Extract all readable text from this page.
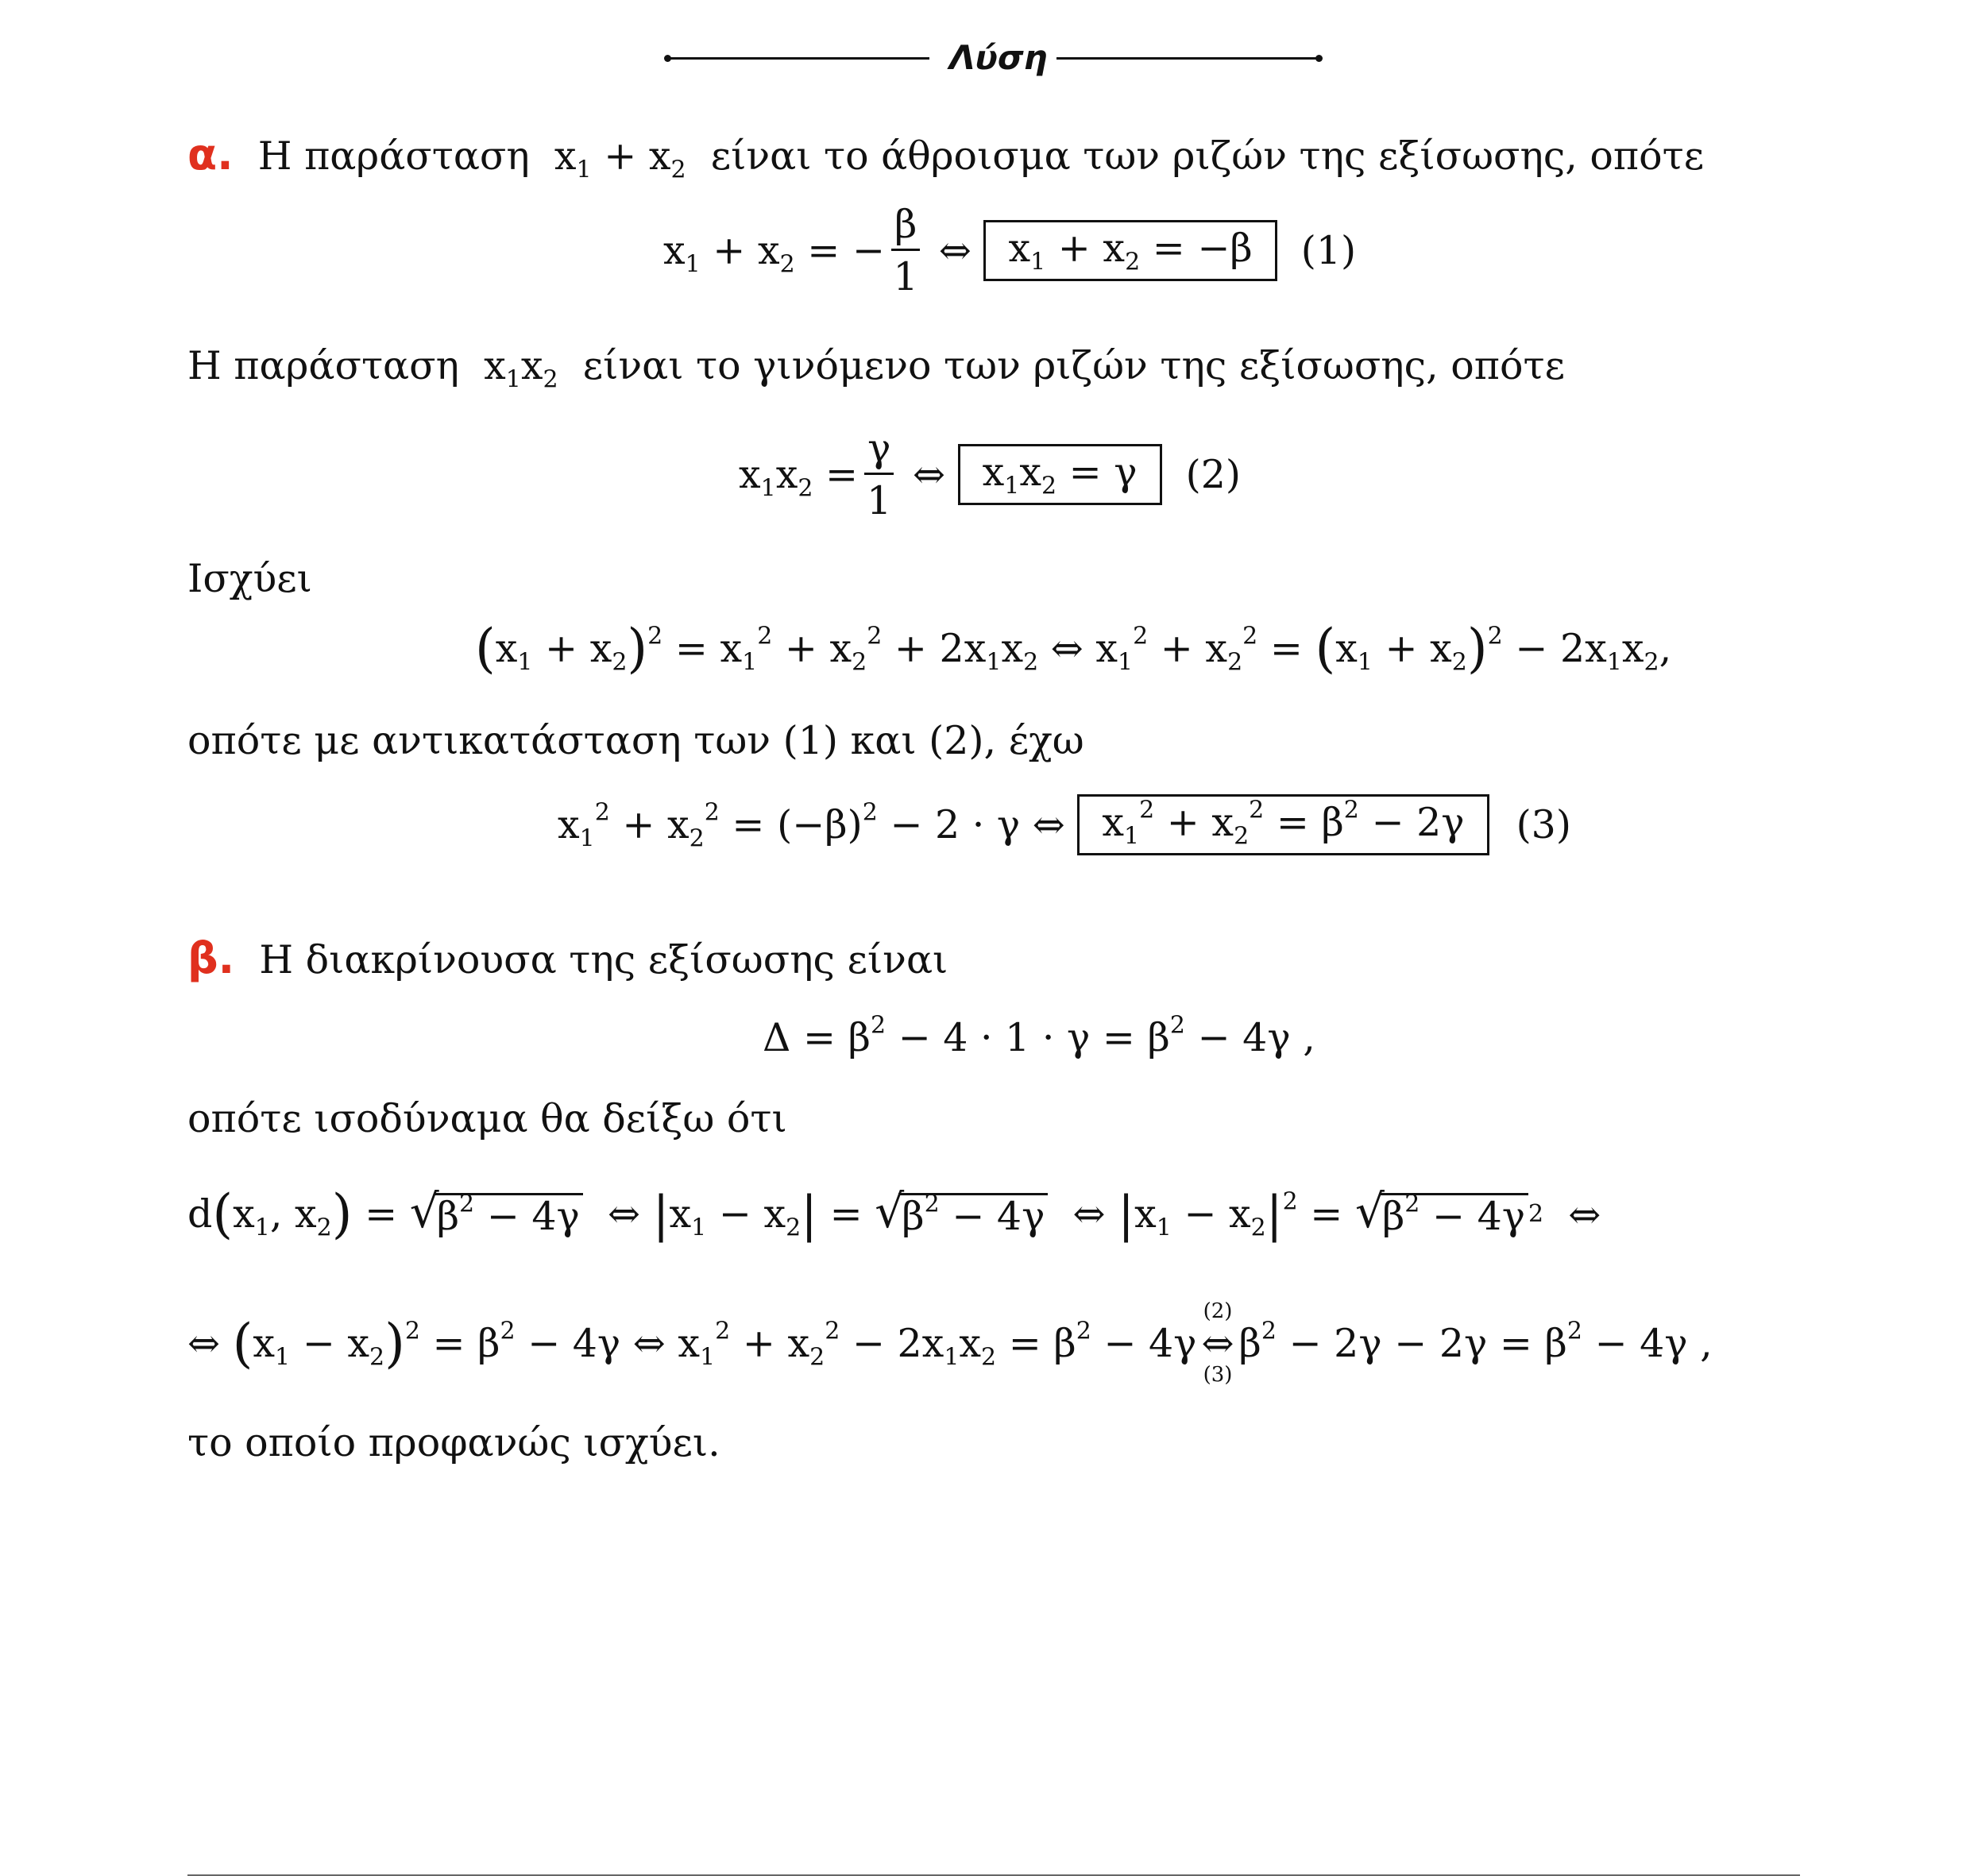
Λύση
α. Η παράσταση $x_1 + x_2$ είναι το άθροισμα των ριζών της εξίσωσης, οπότε
$x_1 + x_2$ = − $\frac{\beta}{1}$ ⇔ $x_1 + x_2 = -\beta$	(1)
Η παράσταση $x_1x_2$ είναι το γινόμενο των ριζών της εξίσωσης, οπότε
$x_1x_2 = \frac{\gamma}{1}$ ⇔ $x_1x_2 = \gamma$	(2)
Ισχύει
$(x_1 + x_2)^2 = x_1^2 + x_2^2 + 2x_1x_2$ ⇔ $x_1^2 + x_2^2 = (x_1 + x_2)^2 - 2x_1x_2$,
οπότε με αντικατάσταση των (1) και (2), έχω
$x_1^2 + x_2^2 = (-\beta)^2 - 2 \cdot \gamma$ ⇔ $x_1^2 + x_2^2 = \beta^2 - 2\gamma$	(3)
β. Η διακρίνουσα της εξίσωσης είναι
$\Delta = \beta^2 - 4 \cdot 1 \cdot \gamma = \beta^2 - 4\gamma$ ,
οπότε ισοδύναμα θα δείξω ότι
$d(x_1$, $x_2$) = √ $\beta^2 - 4\gamma$ ⇔ $|x_1 - x_2|$ = √ $\beta^2 - 4\gamma$ ⇔ $|x_1 - x_2|^2$ = √ $\beta^2 - 4\gamma$ 2 ⇔
⇔ $(x_1 - x_2)^2 = \beta^2 - 4\gamma$ ⇔ $x_1^2 + x_2^2 - 2x_1x_2 = \beta^2 - 4\gamma$
(2)
⇔
(3)
$\beta^2 - 2\gamma - 2\gamma = \beta^2 - 4\gamma$ ,
το οποίο προφανώς ισχύει.
